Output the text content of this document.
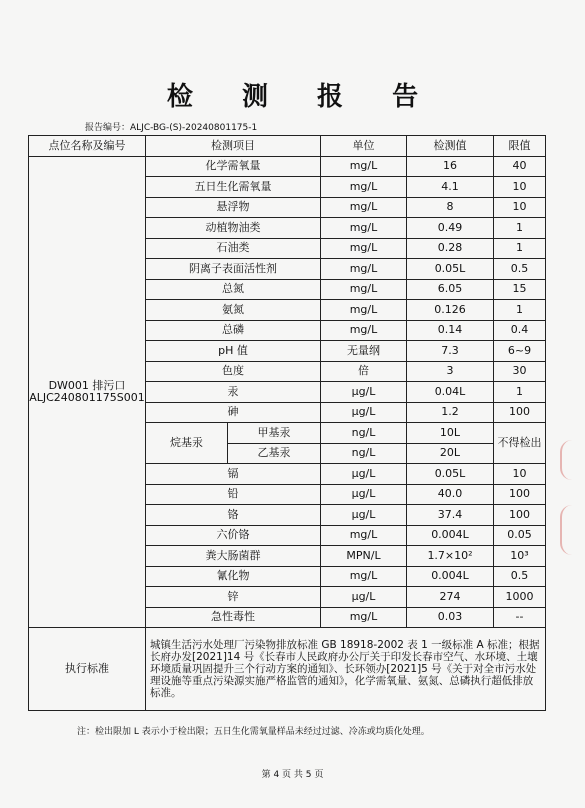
检 测 报 告
报告编号：ALJC-BG-(S)-20240801175-1
点位名称及编号	检测项目		单位	检测值	限值

DW001 排污口
ALJC240801175S001	化学需氧量		mg/L	16	40
	五日生化需氧量		mg/L	4.1	10
	悬浮物		mg/L	8	10
	动植物油类		mg/L	0.49	1
	石油类		mg/L	0.28	1
	阴离子表面活性剂		mg/L	0.05L	0.5
	总氮		mg/L	6.05	15
	氨氮		mg/L	0.126	1
	总磷		mg/L	0.14	0.4
	pH 值		无量纲	7.3	6~9
	色度		倍	3	30
	汞		μg/L	0.04L	1
	砷		μg/L	1.2	100
	烷基汞	甲基汞	ng/L	10L	不得检出
		乙基汞	ng/L	20L	
	镉		μg/L	0.05L	10
	铅		μg/L	40.0	100
	铬		μg/L	37.4	100
	六价铬		mg/L	0.004L	0.05
	粪大肠菌群		MPN/L	1.7×10²	10³
	氰化物		mg/L	0.004L	0.5
	锌		μg/L	274	1000
	急性毒性		mg/L	0.03	--
执行标准	城镇生活污水处理厂污染物排放标准 GB 18918-2002 表 1 一级标准 A 标准；根据长府办发[2021]14 号《长春市人民政府办公厅关于印发长春市空气、水环境、土壤环境质量巩固提升三个行动方案的通知》、长环领办[2021]5 号《关于对全市污水处理设施等重点污染源实施严格监管的通知》，化学需氧量、氨氮、总磷执行超低排放标准。				
注：检出限加 L 表示小于检出限；五日生化需氧量样品未经过过滤、冷冻或均质化处理。
第 4 页 共 5 页
